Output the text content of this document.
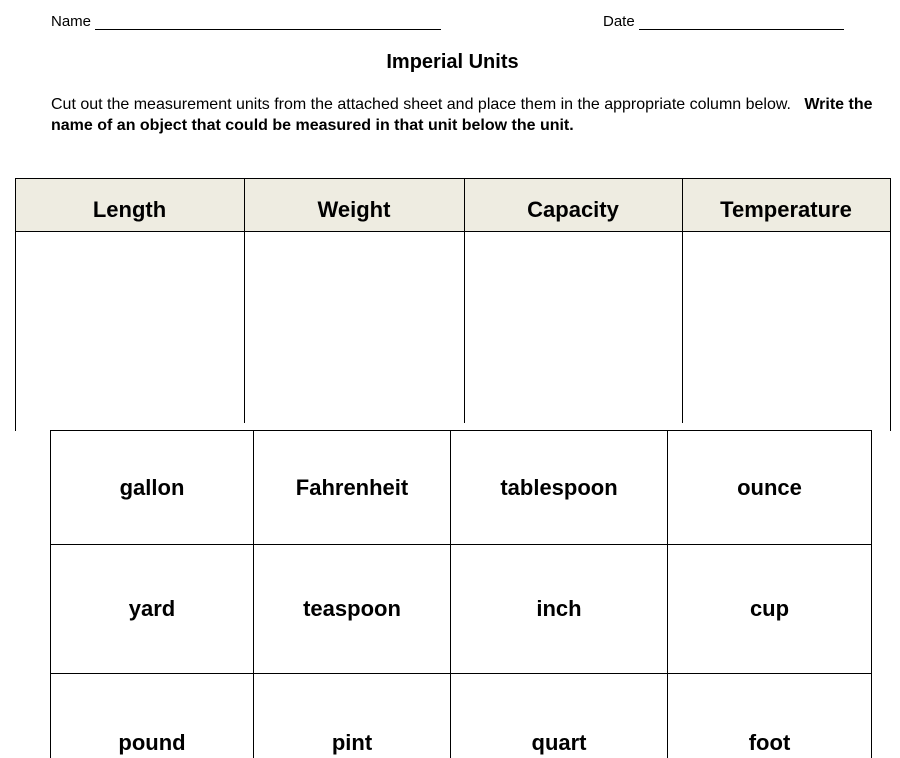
Name	Date
Imperial Units
Cut out the measurement units from the attached sheet and place them in the appropriate column below. Write the name of an object that could be measured in that unit below the unit.
Length	Weight	Capacity	Temperature
gallon	Fahrenheit	tablespoon	ounce
yard	teaspoon	inch	cup
pound	pint	quart	foot
